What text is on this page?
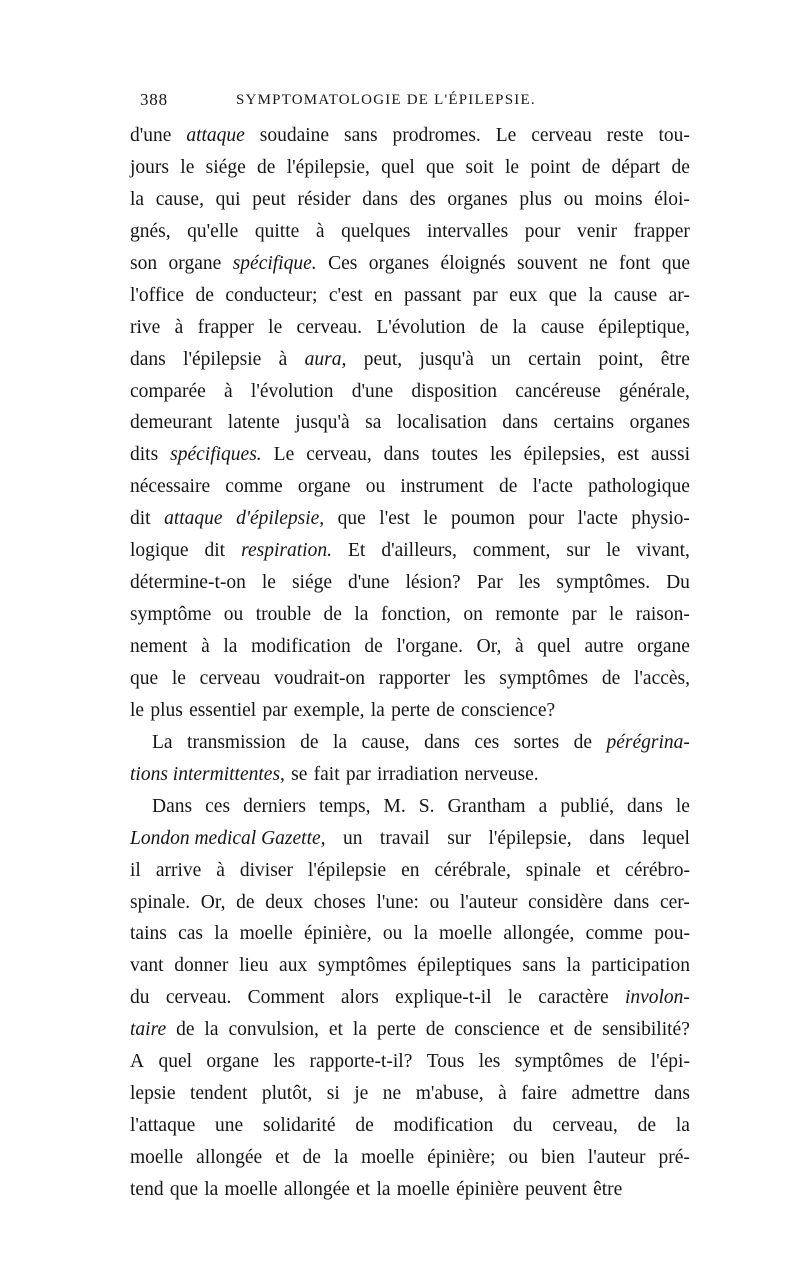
388	SYMPTOMATOLOGIE DE L'ÉPILEPSIE.
d'une attaque soudaine sans prodromes. Le cerveau reste tou-
jours le siége de l'épilepsie, quel que soit le point de départ de
la cause, qui peut résider dans des organes plus ou moins éloi-
gnés, qu'elle quitte à quelques intervalles pour venir frapper
son organe spécifique. Ces organes éloignés souvent ne font que
l'office de conducteur; c'est en passant par eux que la cause ar-
rive à frapper le cerveau. L'évolution de la cause épileptique,
dans l'épilepsie à aura, peut, jusqu'à un certain point, être
comparée à l'évolution d'une disposition cancéreuse générale,
demeurant latente jusqu'à sa localisation dans certains organes
dits spécifiques. Le cerveau, dans toutes les épilepsies, est aussi
nécessaire comme organe ou instrument de l'acte pathologique
dit attaque d'épilepsie, que l'est le poumon pour l'acte physio-
logique dit respiration. Et d'ailleurs, comment, sur le vivant,
détermine-t-on le siége d'une lésion? Par les symptômes. Du
symptôme ou trouble de la fonction, on remonte par le raison-
nement à la modification de l'organe. Or, à quel autre organe
que le cerveau voudrait-on rapporter les symptômes de l'accès,
le plus essentiel par exemple, la perte de conscience?
La transmission de la cause, dans ces sortes de pérégrina-
tions intermittentes, se fait par irradiation nerveuse.
Dans ces derniers temps, M. S. Grantham a publié, dans le
London medical Gazette, un travail sur l'épilepsie, dans lequel
il arrive à diviser l'épilepsie en cérébrale, spinale et cérébro-
spinale. Or, de deux choses l'une: ou l'auteur considère dans cer-
tains cas la moelle épinière, ou la moelle allongée, comme pou-
vant donner lieu aux symptômes épileptiques sans la participation
du cerveau. Comment alors explique-t-il le caractère involon-
taire de la convulsion, et la perte de conscience et de sensibilité?
A quel organe les rapporte-t-il? Tous les symptômes de l'épi-
lepsie tendent plutôt, si je ne m'abuse, à faire admettre dans
l'attaque une solidarité de modification du cerveau, de la
moelle allongée et de la moelle épinière; ou bien l'auteur pré-
tend que la moelle allongée et la moelle épinière peuvent être
